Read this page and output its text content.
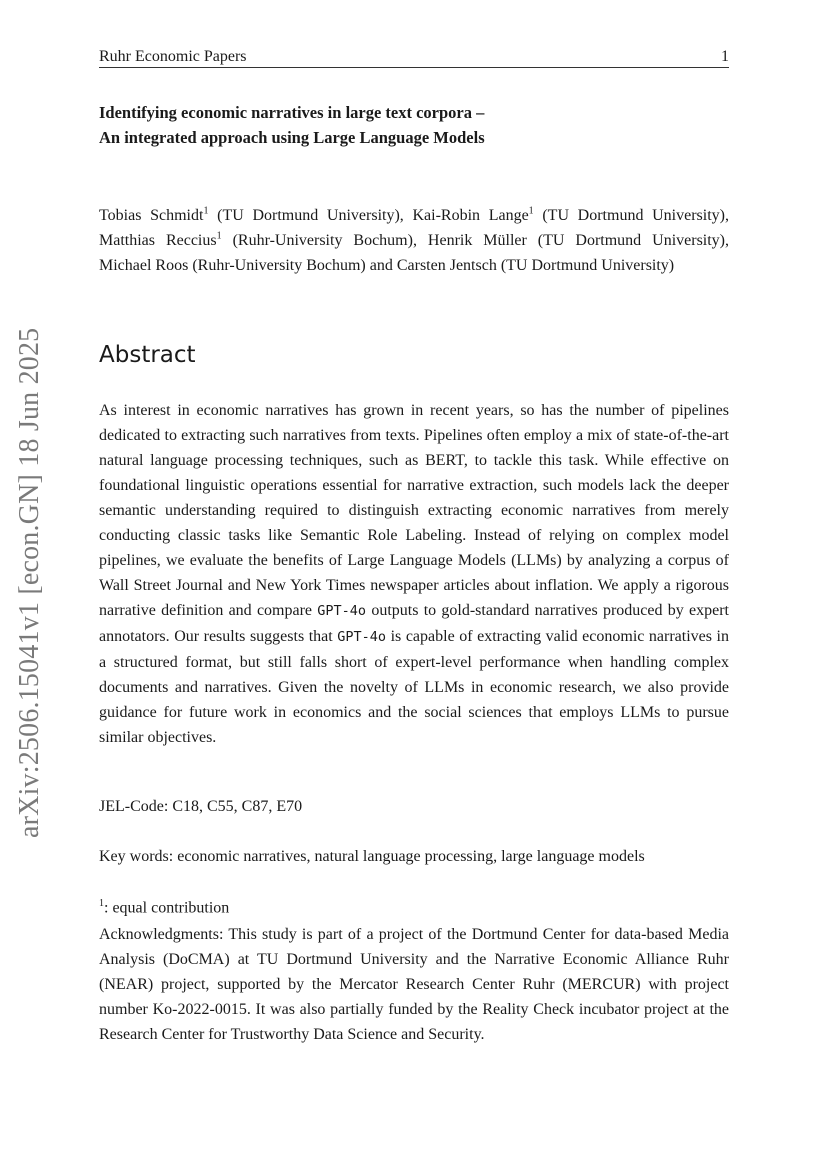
Ruhr Economic Papers	1
Identifying economic narratives in large text corpora –
An integrated approach using Large Language Models
Tobias Schmidt$^1$ (TU Dortmund University), Kai-Robin Lange$^1$ (TU Dortmund University), Matthias Reccius$^1$ (Ruhr-University Bochum), Henrik Müller (TU Dortmund University), Michael Roos (Ruhr-University Bochum) and Carsten Jentsch (TU Dortmund University)
Abstract
As interest in economic narratives has grown in recent years, so has the number of pipelines dedicated to extracting such narratives from texts. Pipelines often employ a mix of state-of-the-art natural language processing techniques, such as BERT, to tackle this task. While effective on foundational linguistic operations essential for narrative extraction, such models lack the deeper semantic understanding required to distinguish extracting economic narratives from merely conducting classic tasks like Semantic Role Labeling. Instead of relying on complex model pipelines, we evaluate the benefits of Large Language Models (LLMs) by analyzing a corpus of Wall Street Journal and New York Times newspaper articles about inflation. We apply a rigorous narrative definition and compare GPT-4o outputs to gold-standard narratives produced by expert annotators. Our results suggests that GPT-4o is capable of extracting valid economic narratives in a structured format, but still falls short of expert-level performance when handling complex documents and narratives. Given the novelty of LLMs in economic research, we also provide guidance for future work in economics and the social sciences that employs LLMs to pursue similar objectives.
JEL-Code: C18, C55, C87, E70
Key words: economic narratives, natural language processing, large language models
$^1$: equal contribution
Acknowledgments: This study is part of a project of the Dortmund Center for data-based Media Analysis (DoCMA) at TU Dortmund University and the Narrative Economic Alliance Ruhr (NEAR) project, supported by the Mercator Research Center Ruhr (MERCUR) with project number Ko-2022-0015. It was also partially funded by the Reality Check incubator project at the Research Center for Trustworthy Data Science and Security.
arXiv:2506.15041v1 [econ.GN] 18 Jun 2025
